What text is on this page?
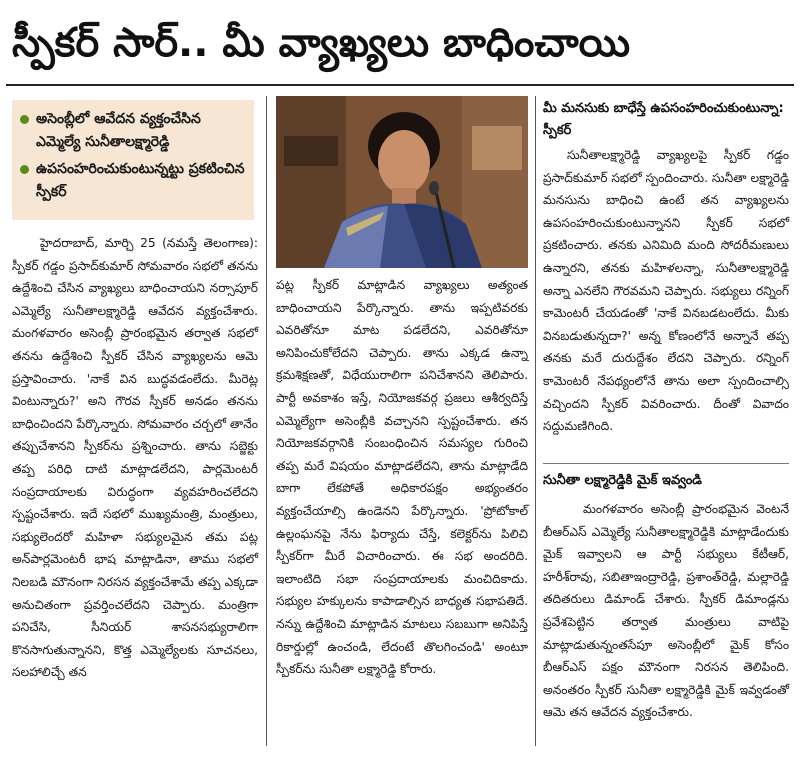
స్పీకర్ సార్.. మీ వ్యాఖ్యలు బాధించాయి
అసెంబ్లీలో ఆవేదన వ్యక్తంచేసిన ఎమ్మెల్యే సునీతాలక్ష్మారెడ్డి
ఉపసంహరించుకుంటున్నట్టు ప్రకటించిన స్పీకర్

హైదరాబాద్, మార్చి 25 (నమస్తే తెలంగాణ): స్పీకర్ గడ్డం ప్రసాద్‌కుమార్ సోమవారం సభలో తనను ఉద్దేశించి చేసిన వ్యాఖ్యలు బాధించాయని నర్సాపూర్ ఎమ్మెల్యే సునీతాలక్ష్మారెడ్డి ఆవేదన వ్యక్తంచేశారు. మంగళవారం అసెంబ్లీ ప్రారంభమైన తర్వాత సభలో తనను ఉద్దేశించి స్పీకర్ చేసిన వ్యాఖ్యలను ఆమె ప్రస్తావించారు. 'నాకే విన బుద్ధవడంలేదు. మీరెట్ల వింటున్నారు?' అని గౌరవ స్పీకర్ అనడం తనను బాధించిందని పేర్కొన్నారు. సోమవారం చర్చలో తానేం తప్పుచేశానని స్పీకర్‌ను ప్రశ్నించారు. తాను సబ్జెక్టు తప్ప పరిధి దాటి మాట్లాడలేదని, పార్లమెంటరీ సంప్రదాయాలకు విరుద్ధంగా వ్యవహరించలేదని స్పష్టంచేశారు. ఇదే సభలో ముఖ్యమంత్రి, మంత్రులు, సభ్యులెందరో మహిళా సభ్యులమైన తమ పట్ల అన్‌పార్లమెంటరీ భాష మాట్లాడినా, తాము సభలో నిలబడి మౌనంగా నిరసన వ్యక్తంచేశామే తప్ప ఎక్కడా అనుచితంగా ప్రవర్తించలేదని చెప్పారు. మంత్రిగా పనిచేసి, సీనియర్ శాసనసభ్యురాలిగా కొనసాగుతున్నానని, కొత్త ఎమ్మెల్యేలకు సూచనలు, సలహాలిచ్చే తన

పట్ల స్పీకర్ మాట్లాడిన వ్యాఖ్యలు అత్యంత బాధించాయని పేర్కొన్నారు. తాను ఇప్పటివరకు ఎవరితోనూ మాట పడలేదని, ఎవరితోనూ అనిపించుకోలేదని చెప్పారు. తాను ఎక్కడ ఉన్నా క్రమశిక్షణతో, విధేయురాలిగా పనిచేశానని తెలిపారు. పార్టీ అవకాశం ఇస్తే, నియోజకవర్గ ప్రజలు ఆశీర్వదిస్తే ఎమ్మెల్యేగా అసెంబ్లీకి వచ్చానని స్పష్టంచేశారు. తన నియోజకవర్గానికి సంబంధించిన సమస్యల గురించి తప్ప మరే విషయం మాట్లాడలేదని, తాను మాట్లాడేది బాగా లేకపోతే అధికారపక్షం అభ్యంతరం వ్యక్తంచేయాల్సి ఉండెనని పేర్కొన్నారు. 'ప్రోటోకాల్ ఉల్లంఘనపై నేను ఫిర్యాదు చేస్తే, కలెక్టర్‌ను పిలిచి స్పీకర్‌గా మీరే విచారించారు. ఈ సభ అందరిది. ఇలాంటిది సభా సంప్రదాయాలకు మంచిదికాదు. సభ్యుల హక్కులను కాపాడాల్సిన బాధ్యత సభాపతిదే. నన్ను ఉద్దేశించి మాట్లాడిన మాటలు సబబుగా అనిపిస్తే రికార్డుల్లో ఉంచండి, లేదంటే తొలగించండి' అంటూ స్పీకర్‌ను సునీతా లక్ష్మారెడ్డి కోరారు.

మీ మనసుకు బాధేస్తే ఉపసంహరించుకుంటున్నా: స్పీకర్

సునీతాలక్ష్మారెడ్డి వ్యాఖ్యలపై స్పీకర్ గడ్డం ప్రసాద్‌కుమార్ సభలో స్పందించారు. సునీతా లక్ష్మారెడ్డి మనసును బాధించి ఉంటే తన వ్యాఖ్యలను ఉపసంహరించుకుంటున్నానని స్పీకర్ సభలో ప్రకటించారు. తనకు ఎనిమిది మంది సోదరీమణులు ఉన్నారని, తనకు మహిళలన్నా, సునీతాలక్ష్మారెడ్డి అన్నా ఎనలేని గౌరవమని చెప్పారు. సభ్యులు రన్నింగ్ కామెంటరీ చేయడంతో 'నాకే వినబడటంలేదు. మీకు వినబడుతున్నదా?' అన్న కోణంలోనే అన్నానే తప్ప తనకు మరే దురుద్దేశం లేదని చెప్పారు. రన్నింగ్ కామెంటరీ నేపథ్యంలోనే తాను అలా స్పందించాల్సి వచ్చిందని స్పీకర్ వివరించారు. దీంతో వివాదం సద్దుమణిగింది.

సునీతా లక్ష్మారెడ్డికి మైక్ ఇవ్వండి

మంగళవారం అసెంబ్లీ ప్రారంభమైన వెంటనే బీఆర్‌ఎస్ ఎమ్మెల్యే సునీతాలక్ష్మారెడ్డికి మాట్లాడేందుకు మైక్ ఇవ్వాలని ఆ పార్టీ సభ్యులు కేటీఆర్, హరీశ్‌రావు, సబితాఇంద్రారెడ్డి, ప్రశాంత్‌రెడ్డి, మల్లారెడ్డి తదితరులు డిమాండ్ చేశారు. స్పీకర్ డిమాండ్లను ప్రవేశపెట్టిన తర్వాత మంత్రులు వాటిపై మాట్లాడుతున్నంతసేపూ అసెంబ్లీలో మైక్ కోసం బీఆర్‌ఎస్ పక్షం మౌనంగా నిరసన తెలిపింది. అనంతరం స్పీకర్ సునీతా లక్ష్మారెడ్డికి మైక్ ఇవ్వడంతో ఆమె తన ఆవేదన వ్యక్తంచేశారు.
